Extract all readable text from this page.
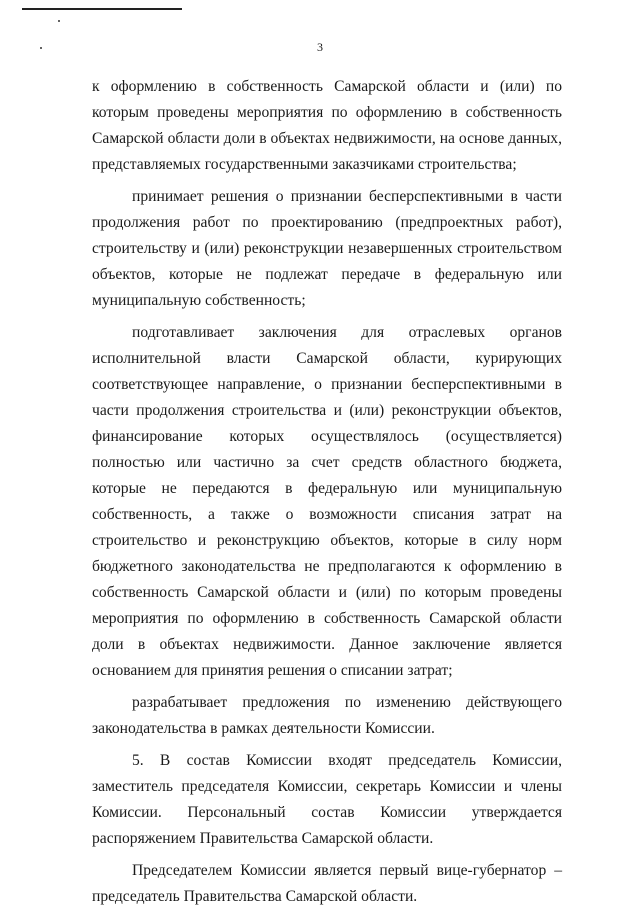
3

к оформлению в собственность Самарской области и (или) по которым проведены мероприятия по оформлению в собственность Самарской области доли в объектах недвижимости, на основе данных, представляемых государственными заказчиками строительства;

принимает решения о признании бесперспективными в части продолжения работ по проектированию (предпроектных работ), строительству и (или) реконструкции незавершенных строительством объектов, которые не подлежат передаче в федеральную или муниципальную собственность;

подготавливает заключения для отраслевых органов исполнительной власти Самарской области, курирующих соответствующее направление, о признании бесперспективными в части продолжения строительства и (или) реконструкции объектов, финансирование которых осуществлялось (осуществляется) полностью или частично за счет средств областного бюджета, которые не передаются в федеральную или муниципальную собственность, а также о возможности списания затрат на строительство и реконструкцию объектов, которые в силу норм бюджетного законодательства не предполагаются к оформлению в собственность Самарской области и (или) по которым проведены мероприятия по оформлению в собственность Самарской области доли в объектах недвижимости. Данное заключение является основанием для принятия решения о списании затрат;

разрабатывает предложения по изменению действующего законодательства в рамках деятельности Комиссии.

5. В состав Комиссии входят председатель Комиссии, заместитель председателя Комиссии, секретарь Комиссии и члены Комиссии. Персональный состав Комиссии утверждается распоряжением Правительства Самарской области.

Председателем Комиссии является первый вице-губернатор – председатель Правительства Самарской области.
